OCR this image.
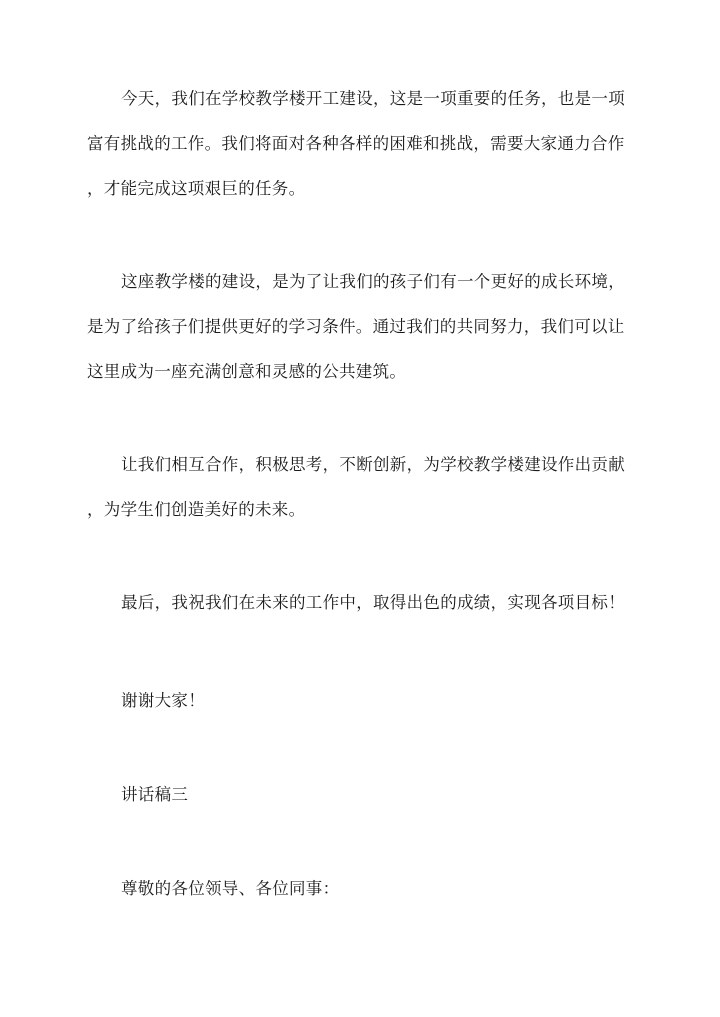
今天，我们在学校教学楼开工建设，这是一项重要的任务，也是一项
富有挑战的工作。我们将面对各种各样的困难和挑战，需要大家通力合作
，才能完成这项艰巨的任务。
这座教学楼的建设，是为了让我们的孩子们有一个更好的成长环境，
是为了给孩子们提供更好的学习条件。通过我们的共同努力，我们可以让
这里成为一座充满创意和灵感的公共建筑。
让我们相互合作，积极思考，不断创新，为学校教学楼建设作出贡献
，为学生们创造美好的未来。
最后，我祝我们在未来的工作中，取得出色的成绩，实现各项目标！
谢谢大家！
讲话稿三
尊敬的各位领导、各位同事：
